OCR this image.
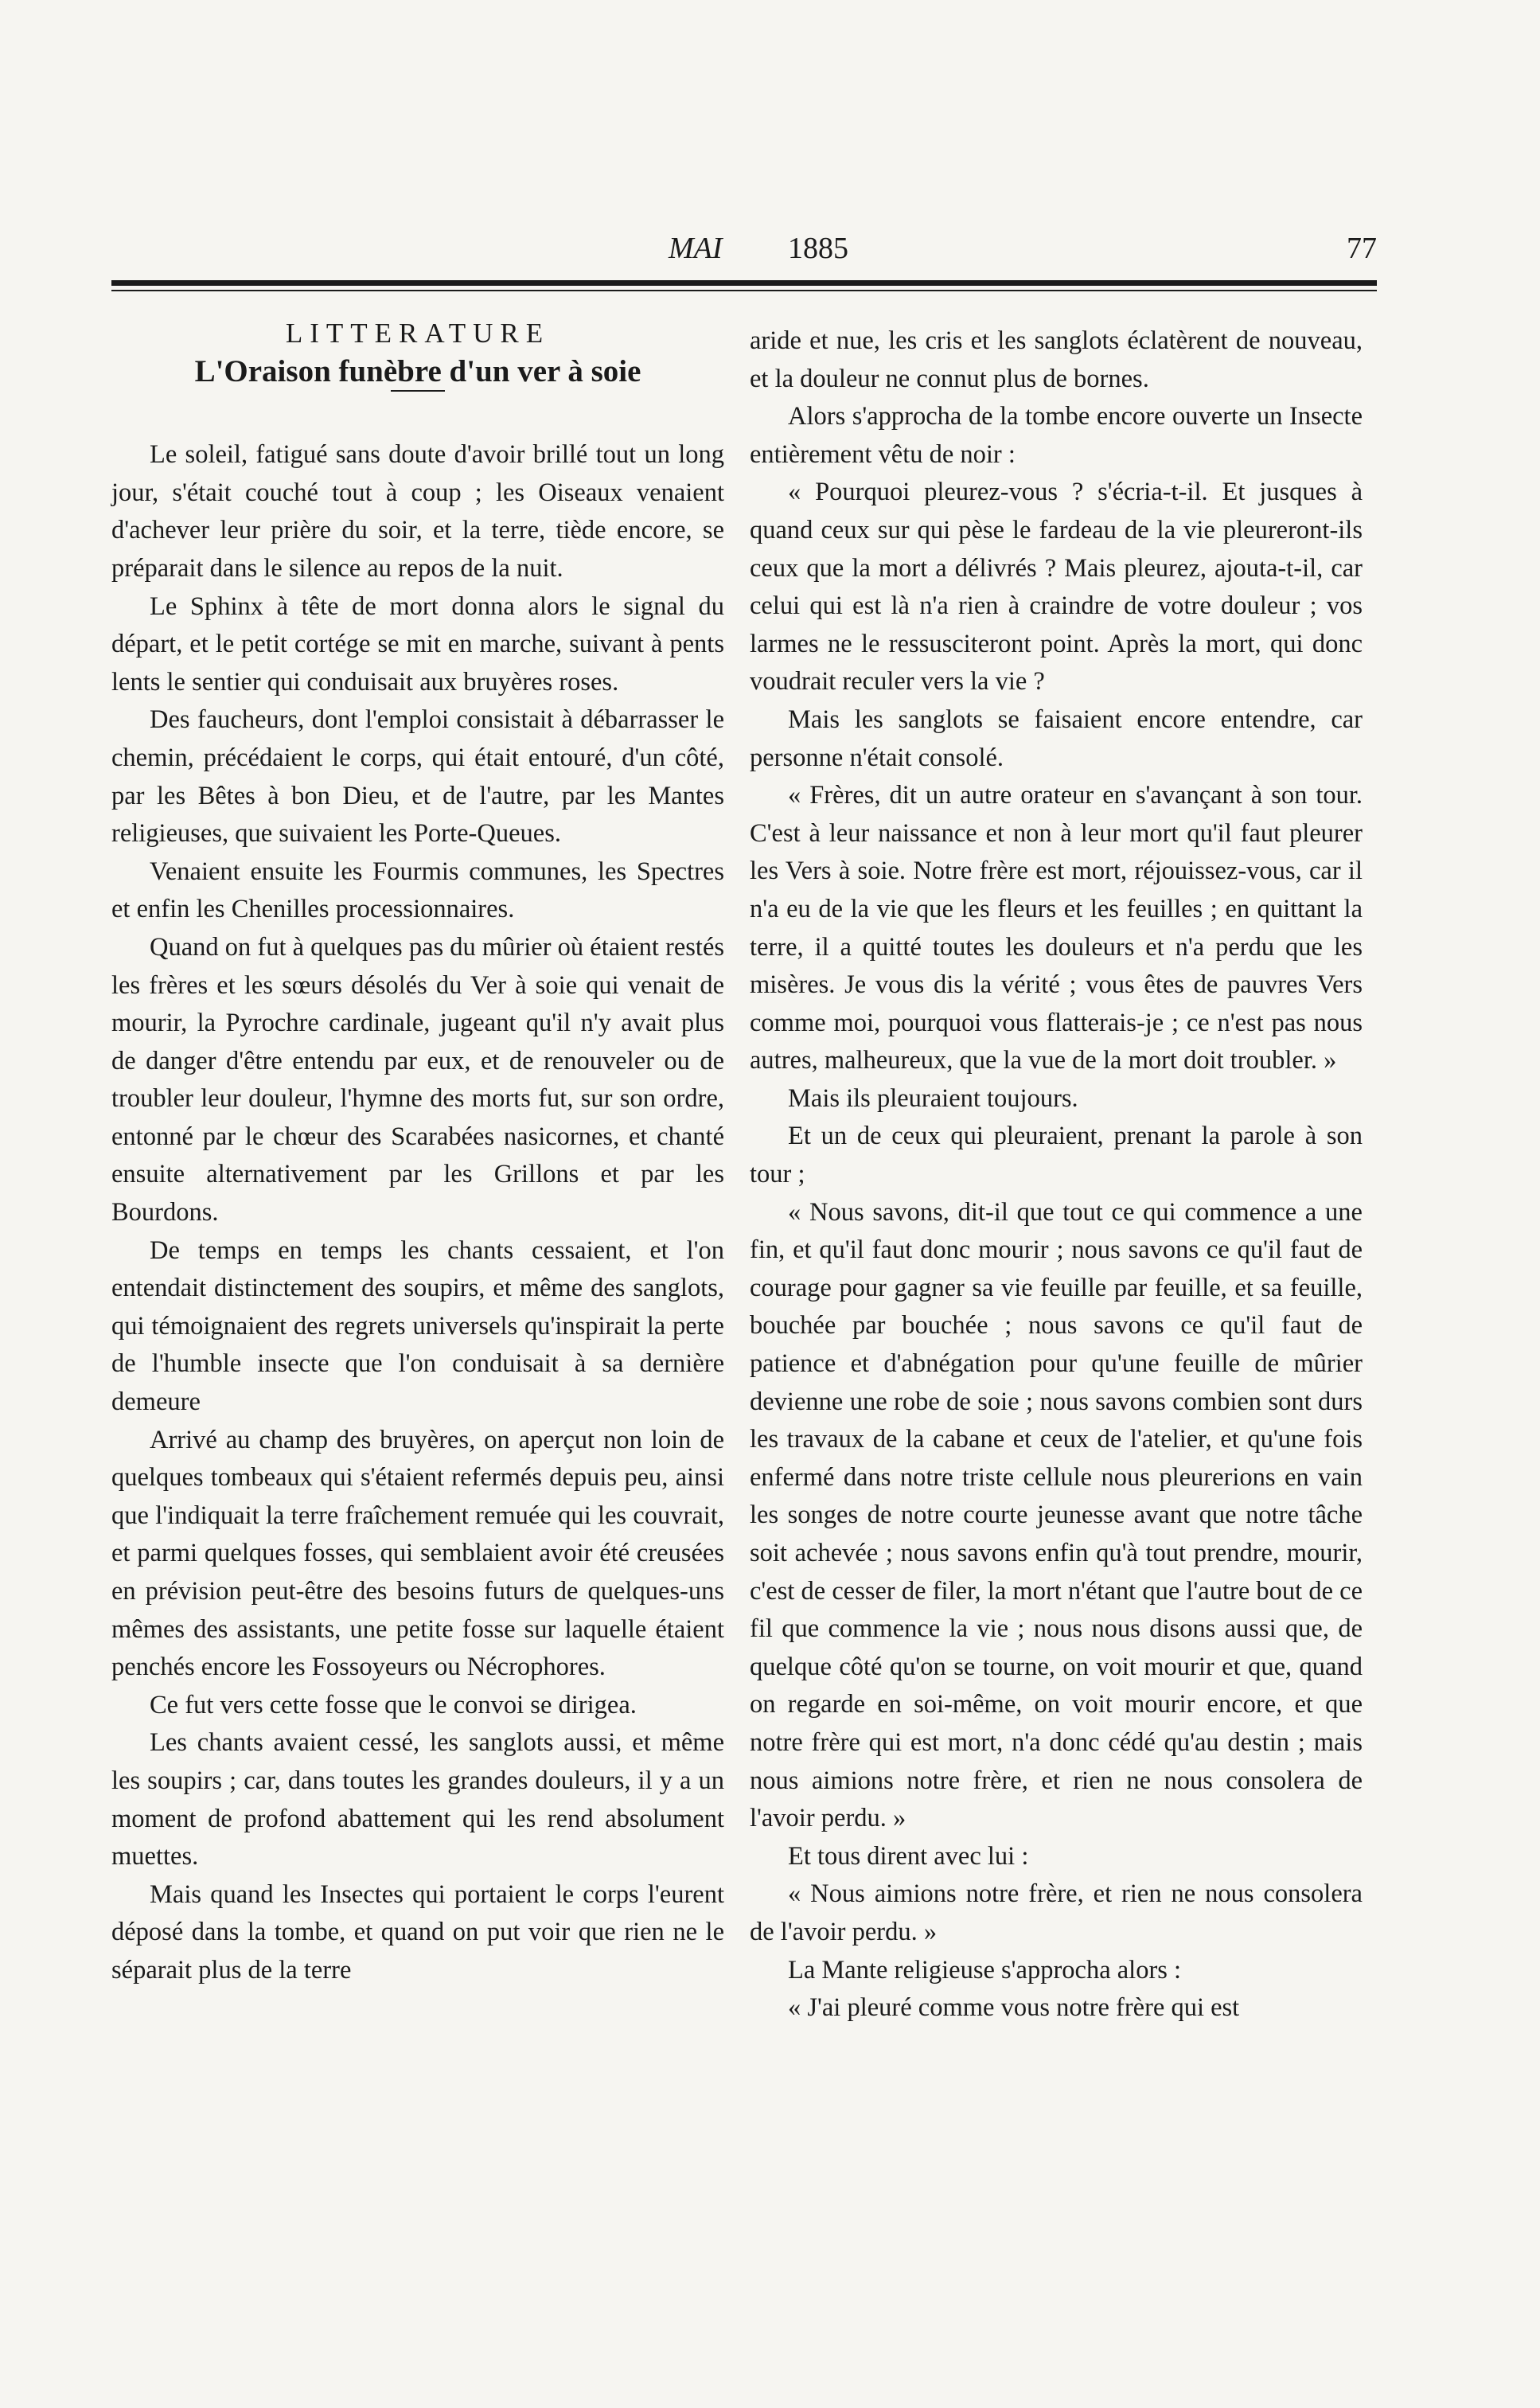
MAI 1885	77

LITTERATURE

L'Oraison funèbre d'un ver à soie

Le soleil, fatigué sans doute d'avoir brillé tout un long jour, s'était couché tout à coup ; les Oiseaux venaient d'achever leur prière du soir, et la terre, tiède encore, se préparait dans le silence au repos de la nuit.

Le Sphinx à tête de mort donna alors le signal du départ, et le petit cortége se mit en marche, suivant à pents lents le sentier qui conduisait aux bruyères roses.

Des faucheurs, dont l'emploi consistait à débarrasser le chemin, précédaient le corps, qui était entouré, d'un côté, par les Bêtes à bon Dieu, et de l'autre, par les Mantes religieuses, que suivaient les Porte-Queues.

Venaient ensuite les Fourmis communes, les Spectres et enfin les Chenilles processionnaires.

Quand on fut à quelques pas du mûrier où étaient restés les frères et les sœurs désolés du Ver à soie qui venait de mourir, la Pyrochre cardinale, jugeant qu'il n'y avait plus de danger d'être entendu par eux, et de renouveler ou de troubler leur douleur, l'hymne des morts fut, sur son ordre, entonné par le chœur des Scarabées nasicornes, et chanté ensuite alternativement par les Grillons et par les Bourdons.

De temps en temps les chants cessaient, et l'on entendait distinctement des soupirs, et même des sanglots, qui témoignaient des regrets universels qu'inspirait la perte de l'humble insecte que l'on conduisait à sa dernière demeure

Arrivé au champ des bruyères, on aperçut non loin de quelques tombeaux qui s'étaient refermés depuis peu, ainsi que l'indiquait la terre fraîchement remuée qui les couvrait, et parmi quelques fosses, qui semblaient avoir été creusées en prévision peut-être des besoins futurs de quelques-uns mêmes des assistants, une petite fosse sur laquelle étaient penchés encore les Fossoyeurs ou Nécrophores.

Ce fut vers cette fosse que le convoi se dirigea.

Les chants avaient cessé, les sanglots aussi, et même les soupirs ; car, dans toutes les grandes douleurs, il y a un moment de profond abattement qui les rend absolument muettes.

Mais quand les Insectes qui portaient le corps l'eurent déposé dans la tombe, et quand on put voir que rien ne le séparait plus de la terre

aride et nue, les cris et les sanglots éclatèrent de nouveau, et la douleur ne connut plus de bornes.

Alors s'approcha de la tombe encore ouverte un Insecte entièrement vêtu de noir :

« Pourquoi pleurez-vous ? s'écria-t-il. Et jusques à quand ceux sur qui pèse le fardeau de la vie pleureront-ils ceux que la mort a délivrés ? Mais pleurez, ajouta-t-il, car celui qui est là n'a rien à craindre de votre douleur ; vos larmes ne le ressusciteront point. Après la mort, qui donc voudrait reculer vers la vie ?

Mais les sanglots se faisaient encore entendre, car personne n'était consolé.

« Frères, dit un autre orateur en s'avançant à son tour. C'est à leur naissance et non à leur mort qu'il faut pleurer les Vers à soie. Notre frère est mort, réjouissez-vous, car il n'a eu de la vie que les fleurs et les feuilles ; en quittant la terre, il a quitté toutes les douleurs et n'a perdu que les misères. Je vous dis la vérité ; vous êtes de pauvres Vers comme moi, pourquoi vous flatterais-je ; ce n'est pas nous autres, malheureux, que la vue de la mort doit troubler. »

Mais ils pleuraient toujours.

Et un de ceux qui pleuraient, prenant la parole à son tour ;

« Nous savons, dit-il que tout ce qui commence a une fin, et qu'il faut donc mourir ; nous savons ce qu'il faut de courage pour gagner sa vie feuille par feuille, et sa feuille, bouchée par bouchée ; nous savons ce qu'il faut de patience et d'abnégation pour qu'une feuille de mûrier devienne une robe de soie ; nous savons combien sont durs les travaux de la cabane et ceux de l'atelier, et qu'une fois enfermé dans notre triste cellule nous pleurerions en vain les songes de notre courte jeunesse avant que notre tâche soit achevée ; nous savons enfin qu'à tout prendre, mourir, c'est de cesser de filer, la mort n'étant que l'autre bout de ce fil que commence la vie ; nous nous disons aussi que, de quelque côté qu'on se tourne, on voit mourir et que, quand on regarde en soi-même, on voit mourir encore, et que notre frère qui est mort, n'a donc cédé qu'au destin ; mais nous aimions notre frère, et rien ne nous consolera de l'avoir perdu. »

Et tous dirent avec lui :

« Nous aimions notre frère, et rien ne nous consolera de l'avoir perdu. »

La Mante religieuse s'approcha alors :

« J'ai pleuré comme vous notre frère qui est
